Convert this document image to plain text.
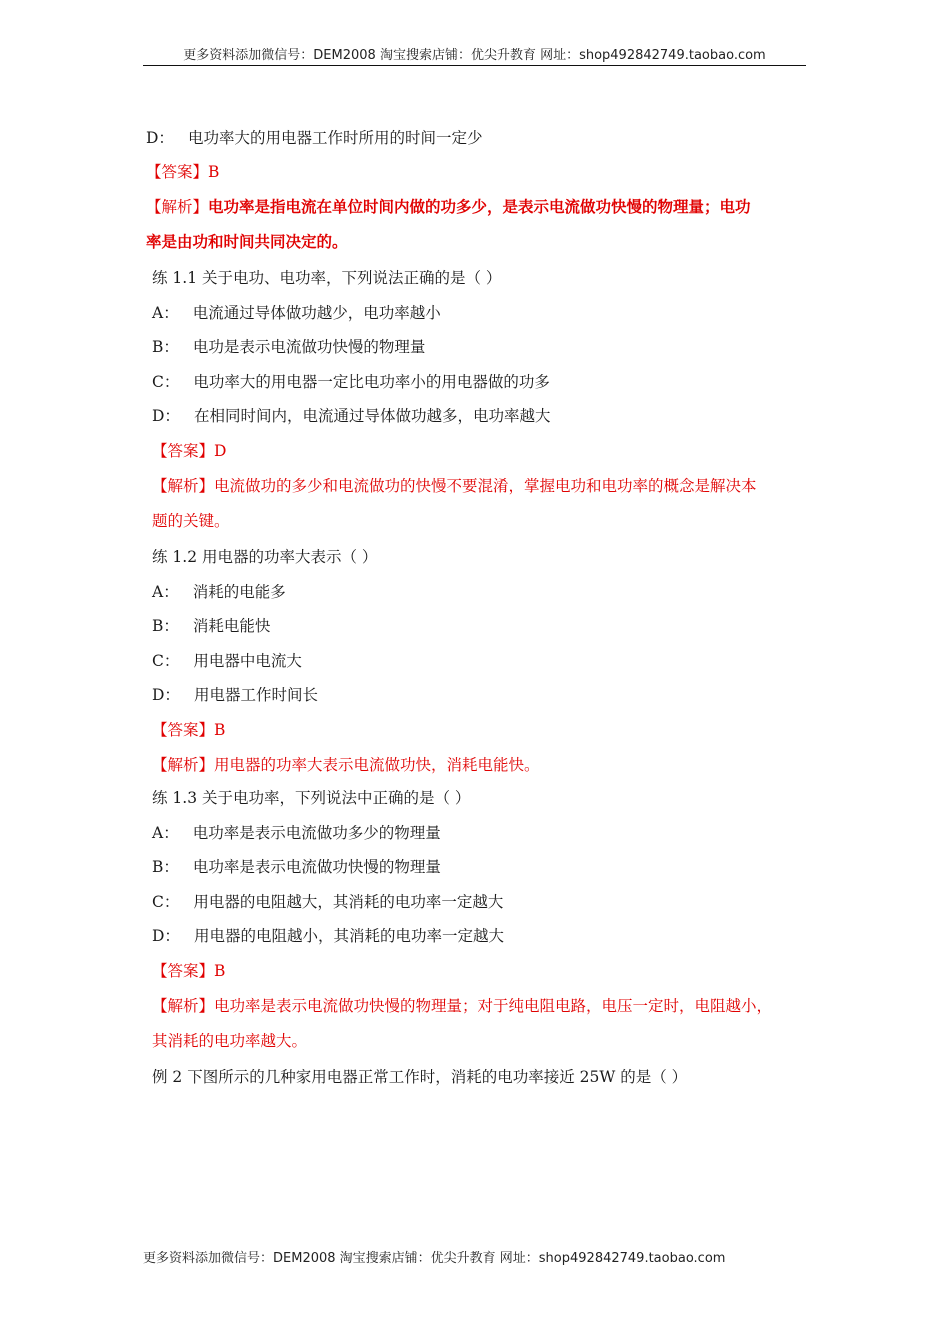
更多资料添加微信号：DEM2008 淘宝搜索店铺：优尖升教育 网址：shop492842749.taobao.com
D： 电功率大的用电器工作时所用的时间一定少
【答案】B
【解析】电功率是指电流在单位时间内做的功多少，是表示电流做功快慢的物理量；电功
率是由功和时间共同决定的。
练 1.1 关于电功、电功率，下列说法正确的是（ ）
A： 电流通过导体做功越少，电功率越小
B： 电功是表示电流做功快慢的物理量
C： 电功率大的用电器一定比电功率小的用电器做的功多
D： 在相同时间内，电流通过导体做功越多，电功率越大
【答案】D
【解析】电流做功的多少和电流做功的快慢不要混淆，掌握电功和电功率的概念是解决本
题的关键。
练 1.2 用电器的功率大表示（ ）
A： 消耗的电能多
B： 消耗电能快
C： 用电器中电流大
D： 用电器工作时间长
【答案】B
【解析】用电器的功率大表示电流做功快，消耗电能快。
练 1.3 关于电功率，下列说法中正确的是（ ）
A： 电功率是表示电流做功多少的物理量
B： 电功率是表示电流做功快慢的物理量
C： 用电器的电阻越大，其消耗的电功率一定越大
D： 用电器的电阻越小，其消耗的电功率一定越大
【答案】B
【解析】电功率是表示电流做功快慢的物理量；对于纯电阻电路，电压一定时，电阻越小，
其消耗的电功率越大。
例 2 下图所示的几种家用电器正常工作时，消耗的电功率接近 25W 的是（ ）
更多资料添加微信号：DEM2008 淘宝搜索店铺：优尖升教育 网址：shop492842749.taobao.com
